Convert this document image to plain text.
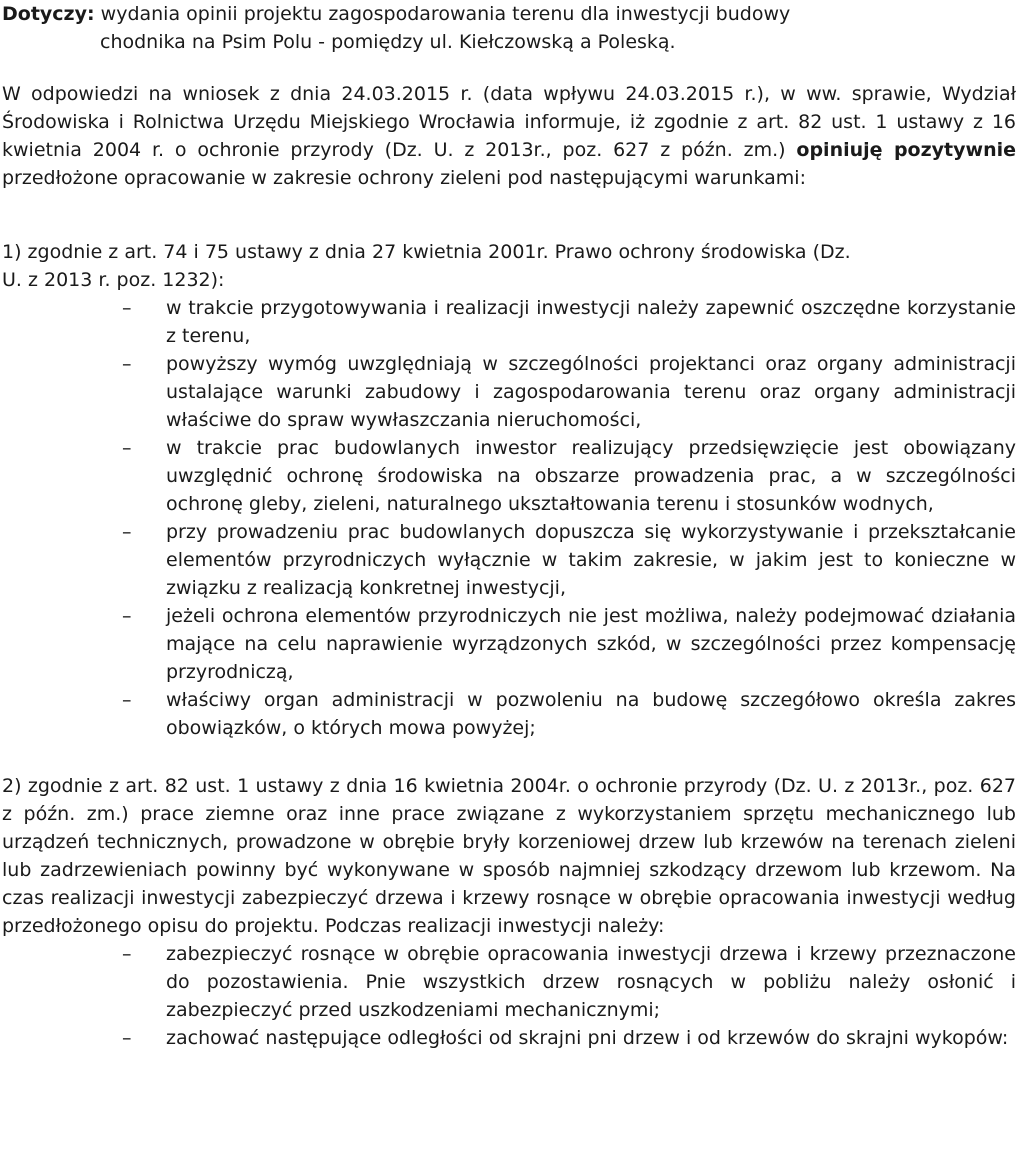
Dotyczy: wydania opinii projektu zagospodarowania terenu dla inwestycji budowy
chodnika na Psim Polu - pomiędzy ul. Kiełczowską a Poleską.

W odpowiedzi na wniosek z dnia 24.03.2015 r. (data wpływu 24.03.2015 r.), w ww. sprawie, Wydział Środowiska i Rolnictwa Urzędu Miejskiego Wrocławia informuje, iż zgodnie z art. 82 ust. 1 ustawy z 16 kwietnia 2004 r. o ochronie przyrody (Dz. U. z 2013r., poz. 627 z późn. zm.) opiniuję pozytywnie przedłożone opracowanie w zakresie ochrony zieleni pod następującymi warunkami:

1) zgodnie z art. 74 i 75 ustawy z dnia 27 kwietnia 2001r. Prawo ochrony środowiska (Dz.
U. z 2013 r. poz. 1232):
– w trakcie przygotowywania i realizacji inwestycji należy zapewnić oszczędne korzystanie z terenu,
– powyższy wymóg uwzględniają w szczególności projektanci oraz organy administracji ustalające warunki zabudowy i zagospodarowania terenu oraz organy administracji właściwe do spraw wywłaszczania nieruchomości,
– w trakcie prac budowlanych inwestor realizujący przedsięwzięcie jest obowiązany uwzględnić ochronę środowiska na obszarze prowadzenia prac, a w szczególności ochronę gleby, zieleni, naturalnego ukształtowania terenu i stosunków wodnych,
– przy prowadzeniu prac budowlanych dopuszcza się wykorzystywanie i przekształcanie elementów przyrodniczych wyłącznie w takim zakresie, w jakim jest to konieczne w związku z realizacją konkretnej inwestycji,
– jeżeli ochrona elementów przyrodniczych nie jest możliwa, należy podejmować działania mające na celu naprawienie wyrządzonych szkód, w szczególności przez kompensację przyrodniczą,
– właściwy organ administracji w pozwoleniu na budowę szczegółowo określa zakres obowiązków, o których mowa powyżej;

2) zgodnie z art. 82 ust. 1 ustawy z dnia 16 kwietnia 2004r. o ochronie przyrody (Dz. U. z 2013r., poz. 627 z późn. zm.) prace ziemne oraz inne prace związane z wykorzystaniem sprzętu mechanicznego lub urządzeń technicznych, prowadzone w obrębie bryły korzeniowej drzew lub krzewów na terenach zieleni lub zadrzewieniach powinny być wykonywane w sposób najmniej szkodzący drzewom lub krzewom. Na czas realizacji inwestycji zabezpieczyć drzewa i krzewy rosnące w obrębie opracowania inwestycji według przedłożonego opisu do projektu. Podczas realizacji inwestycji należy:

– zabezpieczyć rosnące w obrębie opracowania inwestycji drzewa i krzewy przeznaczone do pozostawienia. Pnie wszystkich drzew rosnących w pobliżu należy osłonić i zabezpieczyć przed uszkodzeniami mechanicznymi;
– zachować następujące odległości od skrajni pni drzew i od krzewów do skrajni wykopów:
